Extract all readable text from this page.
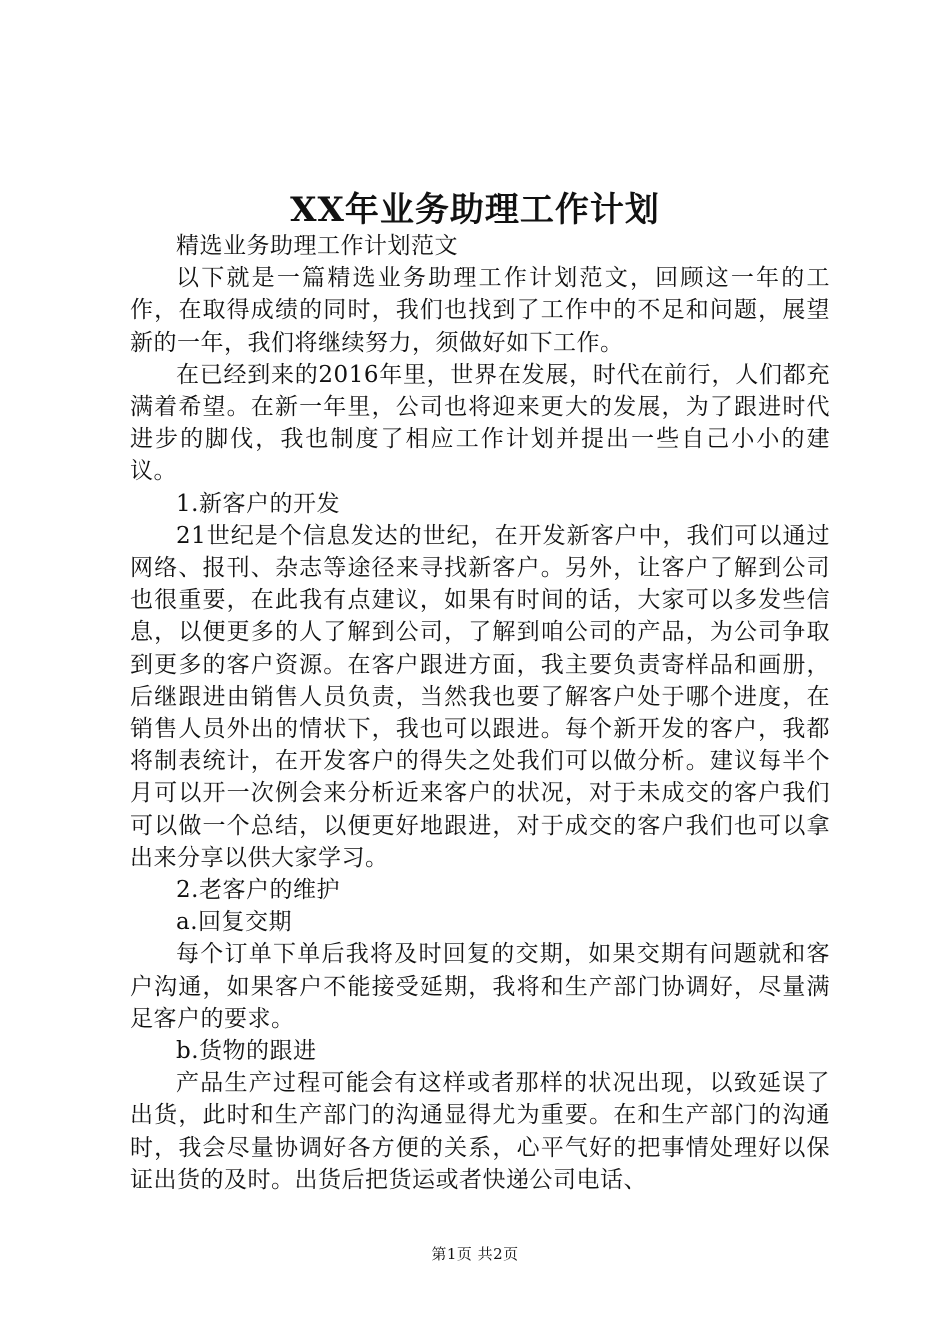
XX年业务助理工作计划

精选业务助理工作计划范文

以下就是一篇精选业务助理工作计划范文，回顾这一年的工作，在取得成绩的同时，我们也找到了工作中的不足和问题，展望新的一年，我们将继续努力，须做好如下工作。

在已经到来的2016年里，世界在发展，时代在前行，人们都充满着希望。在新一年里，公司也将迎来更大的发展，为了跟进时代进步的脚伐，我也制度了相应工作计划并提出一些自己小小的建议。

1.新客户的开发

21世纪是个信息发达的世纪，在开发新客户中，我们可以通过网络、报刊、杂志等途径来寻找新客户。另外，让客户了解到公司也很重要，在此我有点建议，如果有时间的话，大家可以多发些信息，以便更多的人了解到公司，了解到咱公司的产品，为公司争取到更多的客户资源。在客户跟进方面，我主要负责寄样品和画册，后继跟进由销售人员负责，当然我也要了解客户处于哪个进度，在销售人员外出的情状下，我也可以跟进。每个新开发的客户，我都将制表统计，在开发客户的得失之处我们可以做分析。建议每半个月可以开一次例会来分析近来客户的状况，对于未成交的客户我们可以做一个总结，以便更好地跟进，对于成交的客户我们也可以拿出来分享以供大家学习。

2.老客户的维护

a.回复交期

每个订单下单后我将及时回复的交期，如果交期有问题就和客户沟通，如果客户不能接受延期，我将和生产部门协调好，尽量满足客户的要求。

b.货物的跟进

产品生产过程可能会有这样或者那样的状况出现，以致延误了出货，此时和生产部门的沟通显得尤为重要。在和生产部门的沟通时，我会尽量协调好各方便的关系，心平气好的把事情处理好以保证出货的及时。出货后把货运或者快递公司电话、

第1页 共2页
